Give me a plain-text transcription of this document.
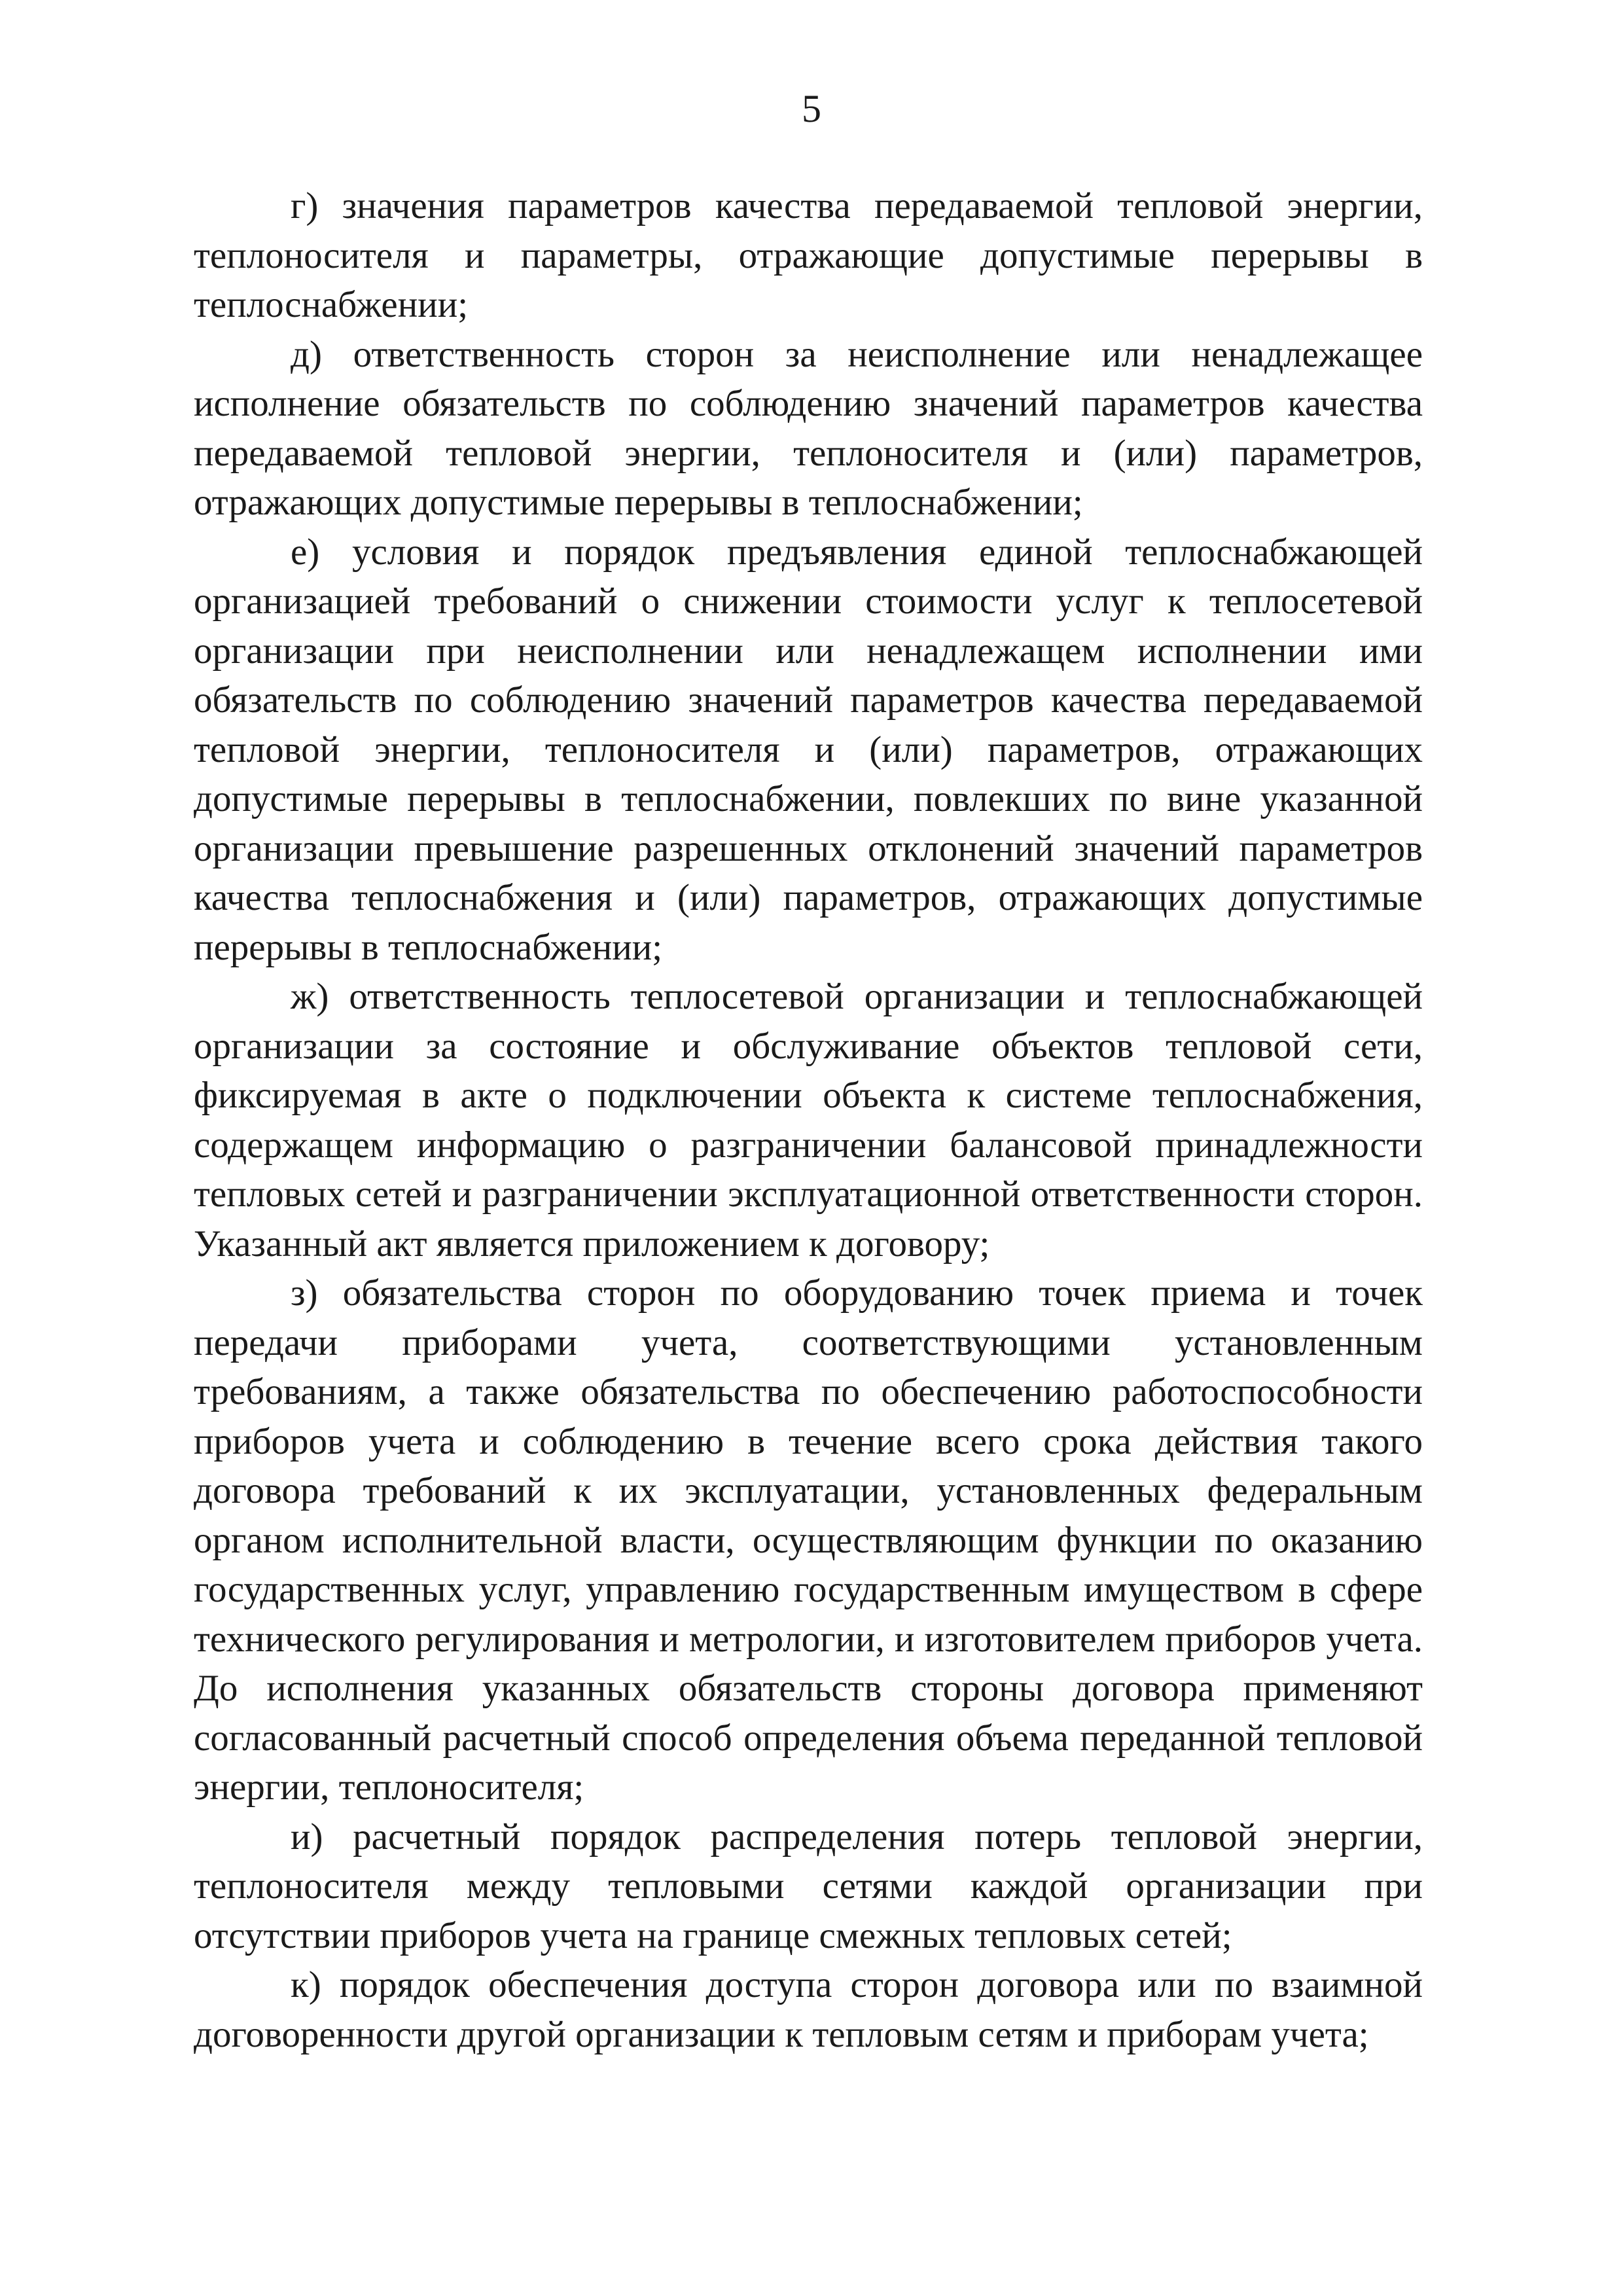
5

г) значения параметров качества передаваемой тепловой энергии, теплоносителя и параметры, отражающие допустимые перерывы в теплоснабжении;

д) ответственность сторон за неисполнение или ненадлежащее исполнение обязательств по соблюдению значений параметров качества передаваемой тепловой энергии, теплоносителя и (или) параметров, отражающих допустимые перерывы в теплоснабжении;

е) условия и порядок предъявления единой теплоснабжающей организацией требований о снижении стоимости услуг к теплосетевой организации при неисполнении или ненадлежащем исполнении ими обязательств по соблюдению значений параметров качества передаваемой тепловой энергии, теплоносителя и (или) параметров, отражающих допустимые перерывы в теплоснабжении, повлекших по вине указанной организации превышение разрешенных отклонений значений параметров качества теплоснабжения и (или) параметров, отражающих допустимые перерывы в теплоснабжении;

ж) ответственность теплосетевой организации и теплоснабжающей организации за состояние и обслуживание объектов тепловой сети, фиксируемая в акте о подключении объекта к системе теплоснабжения, содержащем информацию о разграничении балансовой принадлежности тепловых сетей и разграничении эксплуатационной ответственности сторон. Указанный акт является приложением к договору;

з) обязательства сторон по оборудованию точек приема и точек передачи приборами учета, соответствующими установленным требованиям, а также обязательства по обеспечению работоспособности приборов учета и соблюдению в течение всего срока действия такого договора требований к их эксплуатации, установленных федеральным органом исполнительной власти, осуществляющим функции по оказанию государственных услуг, управлению государственным имуществом в сфере технического регулирования и метрологии, и изготовителем приборов учета. До исполнения указанных обязательств стороны договора применяют согласованный расчетный способ определения объема переданной тепловой энергии, теплоносителя;

и) расчетный порядок распределения потерь тепловой энергии, теплоносителя между тепловыми сетями каждой организации при отсутствии приборов учета на границе смежных тепловых сетей;

к) порядок обеспечения доступа сторон договора или по взаимной договоренности другой организации к тепловым сетям и приборам учета;
